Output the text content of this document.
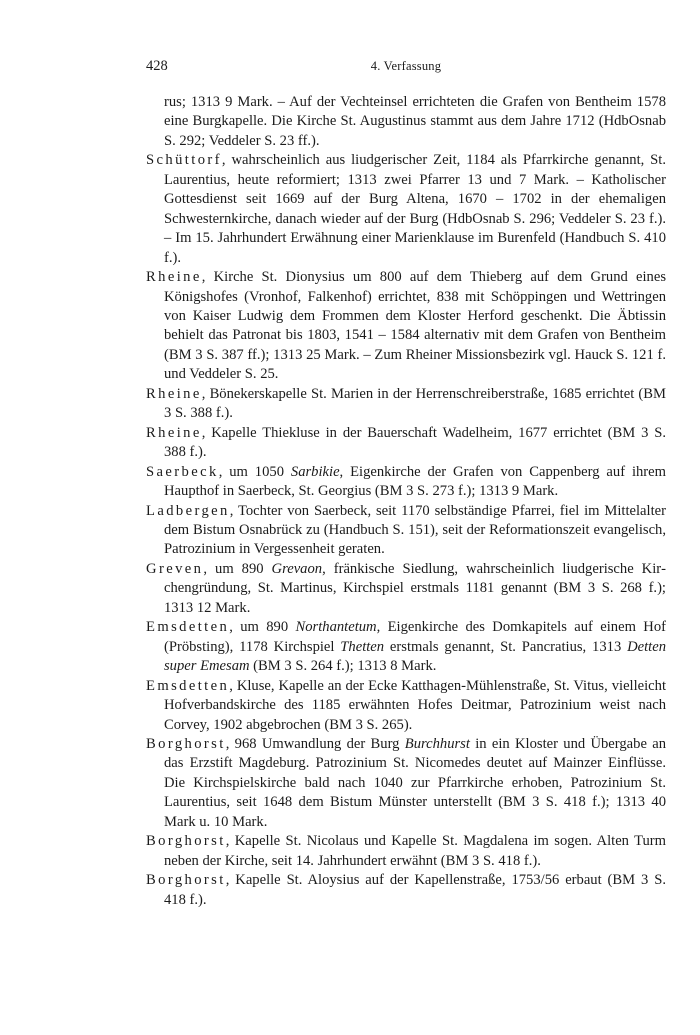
428	4. Verfassung

rus; 1313 9 Mark. – Auf der Vechteinsel errichteten die Grafen von Bentheim 1578 eine Burgkapelle. Die Kirche St. Augustinus stammt aus dem Jahre 1712 (HdbOsnab S. 292; Veddeler S. 23 ff.).

Schüttorf, wahrscheinlich aus liudgerischer Zeit, 1184 als Pfarrkirche genannt, St. Laurentius, heute reformiert; 1313 zwei Pfarrer 13 und 7 Mark. – Katholischer Gottesdienst seit 1669 auf der Burg Altena, 1670 – 1702 in der ehemaligen Schwesternkirche, danach wieder auf der Burg (HdbOsnab S. 296; Veddeler S. 23 f.). – Im 15. Jahrhundert Erwähnung einer Marienklause im Burenfeld (Handbuch S. 410 f.).

Rheine, Kirche St. Dionysius um 800 auf dem Thieberg auf dem Grund eines Königshofes (Vronhof, Falkenhof) errichtet, 838 mit Schöppingen und Wettringen von Kaiser Ludwig dem Frommen dem Kloster Herford geschenkt. Die Äbtissin behielt das Patronat bis 1803, 1541 – 1584 alternativ mit dem Grafen von Bentheim (BM 3 S. 387 ff.); 1313 25 Mark. – Zum Rheiner Missionsbezirk vgl. Hauck S. 121 f. und Veddeler S. 25.

Rheine, Bönekerskapelle St. Marien in der Herrenschreiberstraße, 1685 errichtet (BM 3 S. 388 f.).

Rheine, Kapelle Thiekluse in der Bauerschaft Wadelheim, 1677 errichtet (BM 3 S. 388 f.).

Saerbeck, um 1050 Sarbikie, Eigenkirche der Grafen von Cappenberg auf ihrem Haupthof in Saerbeck, St. Georgius (BM 3 S. 273 f.); 1313 9 Mark.

Ladbergen, Tochter von Saerbeck, seit 1170 selbständige Pfarrei, fiel im Mittelalter dem Bistum Osnabrück zu (Handbuch S. 151), seit der Reformationszeit evangelisch, Patrozinium in Vergessenheit geraten.

Greven, um 890 Grevaon, fränkische Siedlung, wahrscheinlich liudgerische Kirchengründung, St. Martinus, Kirchspiel erstmals 1181 genannt (BM 3 S. 268 f.); 1313 12 Mark.

Emsdetten, um 890 Northantetum, Eigenkirche des Domkapitels auf einem Hof (Pröbsting), 1178 Kirchspiel Thetten erstmals genannt, St. Pancratius, 1313 Detten super Emesam (BM 3 S. 264 f.); 1313 8 Mark.

Emsdetten, Kluse, Kapelle an der Ecke Katthagen-Mühlenstraße, St. Vitus, vielleicht Hofverbandskirche des 1185 erwähnten Hofes Deitmar, Patrozinium weist nach Corvey, 1902 abgebrochen (BM 3 S. 265).

Borghorst, 968 Umwandlung der Burg Burchhurst in ein Kloster und Übergabe an das Erzstift Magdeburg. Patrozinium St. Nicomedes deutet auf Mainzer Einflüsse. Die Kirchspielskirche bald nach 1040 zur Pfarrkirche erhoben, Patrozinium St. Laurentius, seit 1648 dem Bistum Münster unterstellt (BM 3 S. 418 f.); 1313 40 Mark u. 10 Mark.

Borghorst, Kapelle St. Nicolaus und Kapelle St. Magdalena im sogen. Alten Turm neben der Kirche, seit 14. Jahrhundert erwähnt (BM 3 S. 418 f.).

Borghorst, Kapelle St. Aloysius auf der Kapellenstraße, 1753/56 erbaut (BM 3 S. 418 f.).
